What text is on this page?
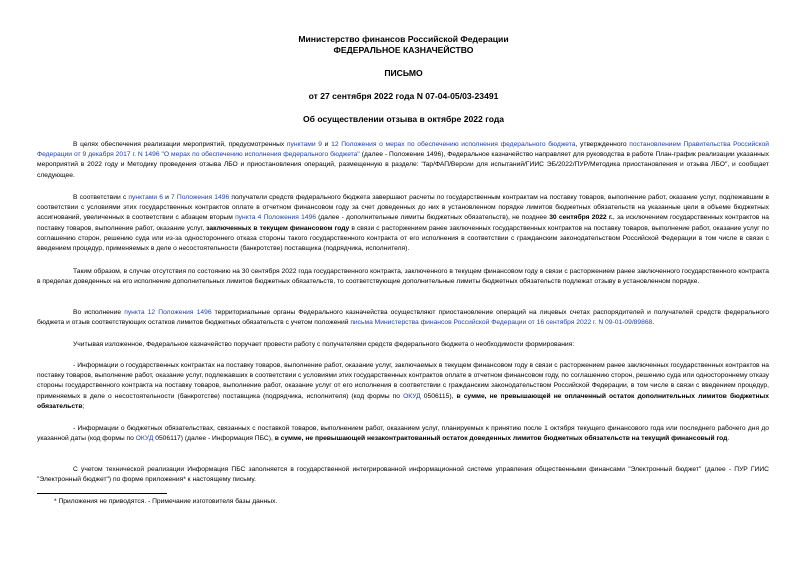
Министерство финансов Российской Федерации
ФЕДЕРАЛЬНОЕ КАЗНАЧЕЙСТВО
ПИСЬМО
от 27 сентября 2022 года N 07-04-05/03-23491
Об осуществлении отзыва в октябре 2022 года

В целях обеспечения реализации мероприятий, предусмотренных пунктами 9 и 12 Положения о мерах по обеспечению исполнения федерального бюджета, утвержденного постановлением Правительства Российской Федерации от 9 декабря 2017 г. N 1496 "О мерах по обеспечению исполнения федерального бюджета" (далее - Положение 1496), Федеральное казначейство направляет для руководства в работе План-график реализации указанных мероприятий в 2022 году и Методику проведения отзыва ЛБО и приостановления операций, размещенную в разделе: "fap/ФАП/Версии для испытаний/ГИИС ЭБ/2022/ПУР/Методика приостановления и отзыва ЛБО", и сообщает следующее.

В соответствии с пунктами 6 и 7 Положения 1496 получатели средств федерального бюджета завершают расчеты по государственным контрактам на поставку товаров, выполнение работ, оказание услуг, подлежавшим в соответствии с условиями этих государственных контрактов оплате в отчетном финансовом году за счет доведенных до них в установленном порядке лимитов бюджетных обязательств на указанные цели в объеме бюджетных ассигнований, увеличенных в соответствии с абзацем вторым пункта 4 Положения 1496 (далее - дополнительные лимиты бюджетных обязательств), не позднее 30 сентября 2022 г., за исключением государственных контрактов на поставку товаров, выполнение работ, оказание услуг, заключенных в текущем финансовом году в связи с расторжением ранее заключенных государственных контрактов на поставку товаров, выполнение работ, оказание услуг по соглашению сторон, решению суда или из-за одностороннего отказа стороны такого государственного контракта от его исполнения в соответствии с гражданским законодательством Российской Федерации в том числе в связи с введением процедур, применяемых в деле о несостоятельности (банкротстве) поставщика (подрядчика, исполнителя).

Таким образом, в случае отсутствия по состоянию на 30 сентября 2022 года государственного контракта, заключенного в текущем финансовом году в связи с расторжением ранее заключенного государственного контракта в пределах доведенных на его исполнение дополнительных лимитов бюджетных обязательств, то соответствующие дополнительные лимиты бюджетных обязательств подлежат отзыву в установленном порядке.

Во исполнение пункта 12 Положения 1496 территориальные органы Федерального казначейства осуществляют приостановление операций на лицевых счетах распорядителей и получателей средств федерального бюджета и отзыв соответствующих остатков лимитов бюджетных обязательств с учетом положений письма Министерства финансов Российской Федерации от 16 сентября 2022 г. N 09-01-09/89868.

Учитывая изложенное, Федеральное казначейство поручает провести работу с получателями средств федерального бюджета о необходимости формирования:

- Информации о государственных контрактах на поставку товаров, выполнение работ, оказание услуг, заключаемых в текущем финансовом году в связи с расторжением ранее заключенных государственных контрактов на поставку товаров, выполнение работ, оказание услуг, подлежавших в соответствии с условиями этих государственных контрактов оплате в отчетном финансовом году, по соглашению сторон, решению суда или одностороннему отказу стороны государственного контракта на поставку товаров, выполнение работ, оказание услуг от его исполнения в соответствии с гражданским законодательством Российской Федерации, в том числе в связи с введением процедур, применяемых в деле о несостоятельности (банкротстве) поставщика (подрядчика, исполнителя) (код формы по ОКУД 0506115), в сумме, не превышающей не оплаченный остаток дополнительных лимитов бюджетных обязательств;

- Информации о бюджетных обязательствах, связанных с поставкой товаров, выполнением работ, оказанием услуг, планируемых к принятию после 1 октября текущего финансового года или последнего рабочего дня до указанной даты (код формы по ОКУД 0506117) (далее - Информация ПБС), в сумме, не превышающей незаконтрактованный остаток доведенных лимитов бюджетных обязательств на текущий финансовый год.

С учетом технической реализации Информация ПБС заполняется в государственной интегрированной информационной системе управления общественными финансами "Электронный бюджет" (далее - ПУР ГИИС "Электронный бюджет") по форме приложения* к настоящему письму.

* Приложения не приводятся. - Примечание изготовителя базы данных.
